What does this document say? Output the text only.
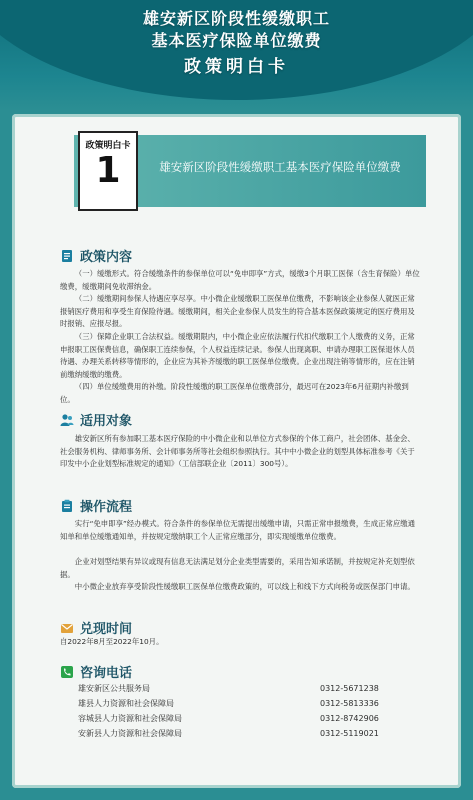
雄安新区阶段性缓缴职工
基本医疗保险单位缴费
政策明白卡
政策明白卡
1	雄安新区阶段性缓缴职工基本医疗保险单位缴费
政策内容

（一）缓缴形式。符合缓缴条件的参保单位可以“免申即享”方式，缓缴3个月职工医保（含生育保险）单位缴费，缓缴期间免收滞纳金。

（二）缓缴期间参保人待遇应享尽享。中小微企业缓缴职工医保单位缴费，不影响该企业参保人就医正常报销医疗费用和享受生育保险待遇。缓缴期间，相关企业参保人员发生的符合基本医保政策规定的医疗费用及时报销、应报尽报。

（三）保障企业职工合法权益。缓缴期限内，中小微企业应依法履行代扣代缴职工个人缴费的义务，正常申报职工医保费信息，确保职工连续参保，个人权益连续记录。参保人出现离职、申请办理职工医保退休人员待遇、办理关系转移等情形的，企业应为其补齐缓缴的职工医保单位缴费。企业出现注销等情形的，应在注销前缴纳缓缴的缴费。

（四）单位缓缴费用的补缴。阶段性缓缴的职工医保单位缴费部分，最迟可在2023年6月征期内补缴到位。

适用对象

雄安新区所有参加职工基本医疗保险的中小微企业和以单位方式参保的个体工商户，社会团体、基金会、社会服务机构、律师事务所、会计师事务所等社会组织参照执行。其中中小微企业的划型具体标准参考《关于印发中小企业划型标准规定的通知》（工信部联企业〔2011〕300号）。

操作流程

实行“免申即享”经办模式。符合条件的参保单位无需提出缓缴申请，只需正常申报缴费，生成正常应缴通知单和单位缓缴通知单，并按规定缴纳职工个人正常应缴部分，即实现缓缴单位缴费。

企业对划型结果有异议或现有信息无法满足划分企业类型需要的，采用告知承诺制，并按规定补充划型依据。

中小微企业放弃享受阶段性缓缴职工医保单位缴费政策的，可以线上和线下方式向税务或医保部门申请。

兑现时间

自2022年8月至2022年10月。

咨询电话
雄安新区公共服务局	0312-5671238
雄县人力资源和社会保障局	0312-5813336
容城县人力资源和社会保障局	0312-8742906
安新县人力资源和社会保障局	0312-5119021
